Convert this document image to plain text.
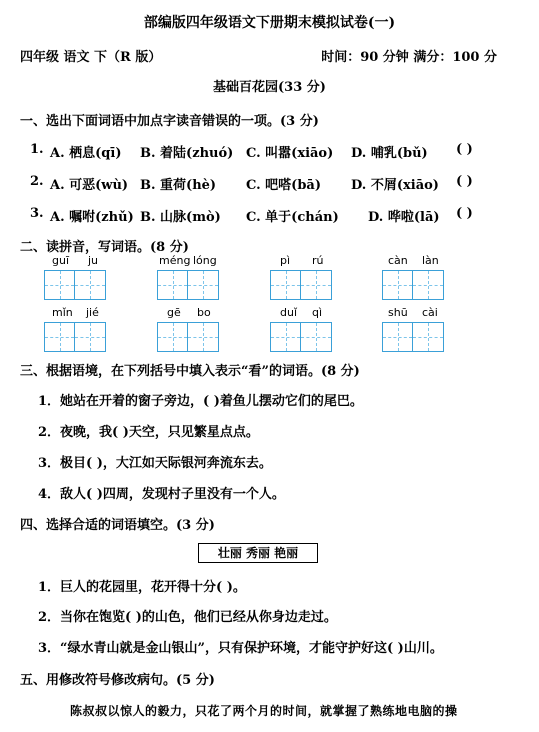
部编版四年级语文下册期末模拟试卷(一)
四年级 语文 下（R 版）	时间：90 分钟 满分：100 分
基础百花园(33 分)
一、选出下面词语中加点字读音错误的一项。(3 分)
1. A. 栖息(qī) B. 着陆(zhuó) C. 叫嚣(xiāo) D. 哺乳(bǔ) ( )
2. A. 可恶(wù) B. 重荷(hè) C. 吧嗒(bā) D. 不屑(xiāo) ( )
3. A. 嘱咐(zhǔ) B. 山脉(mò) C. 单于(chán) D. 哗啦(lā) ( )
二、读拼音，写词语。(8 分)
guī ju	méng lóng	pì rú	càn làn
mǐn jié	gē bo	duǐ qì	shū cài
三、根据语境，在下列括号中填入表示“看”的词语。(8 分)
1．她站在开着的窗子旁边，( )着鱼儿摆动它们的尾巴。
2．夜晚，我( )天空，只见繁星点点。
3．极目( )，大江如天际银河奔流东去。
4．敌人( )四周，发现村子里没有一个人。
四、选择合适的词语填空。(3 分)
壮丽 秀丽 艳丽
1．巨人的花园里，花开得十分( )。
2．当你在饱览( )的山色，他们已经从你身边走过。
3．“绿水青山就是金山银山”，只有保护环境，才能守护好这( )山川。
五、用修改符号修改病句。(5 分)
陈叔叔以惊人的毅力，只花了两个月的时间，就掌握了熟练地电脑的操
